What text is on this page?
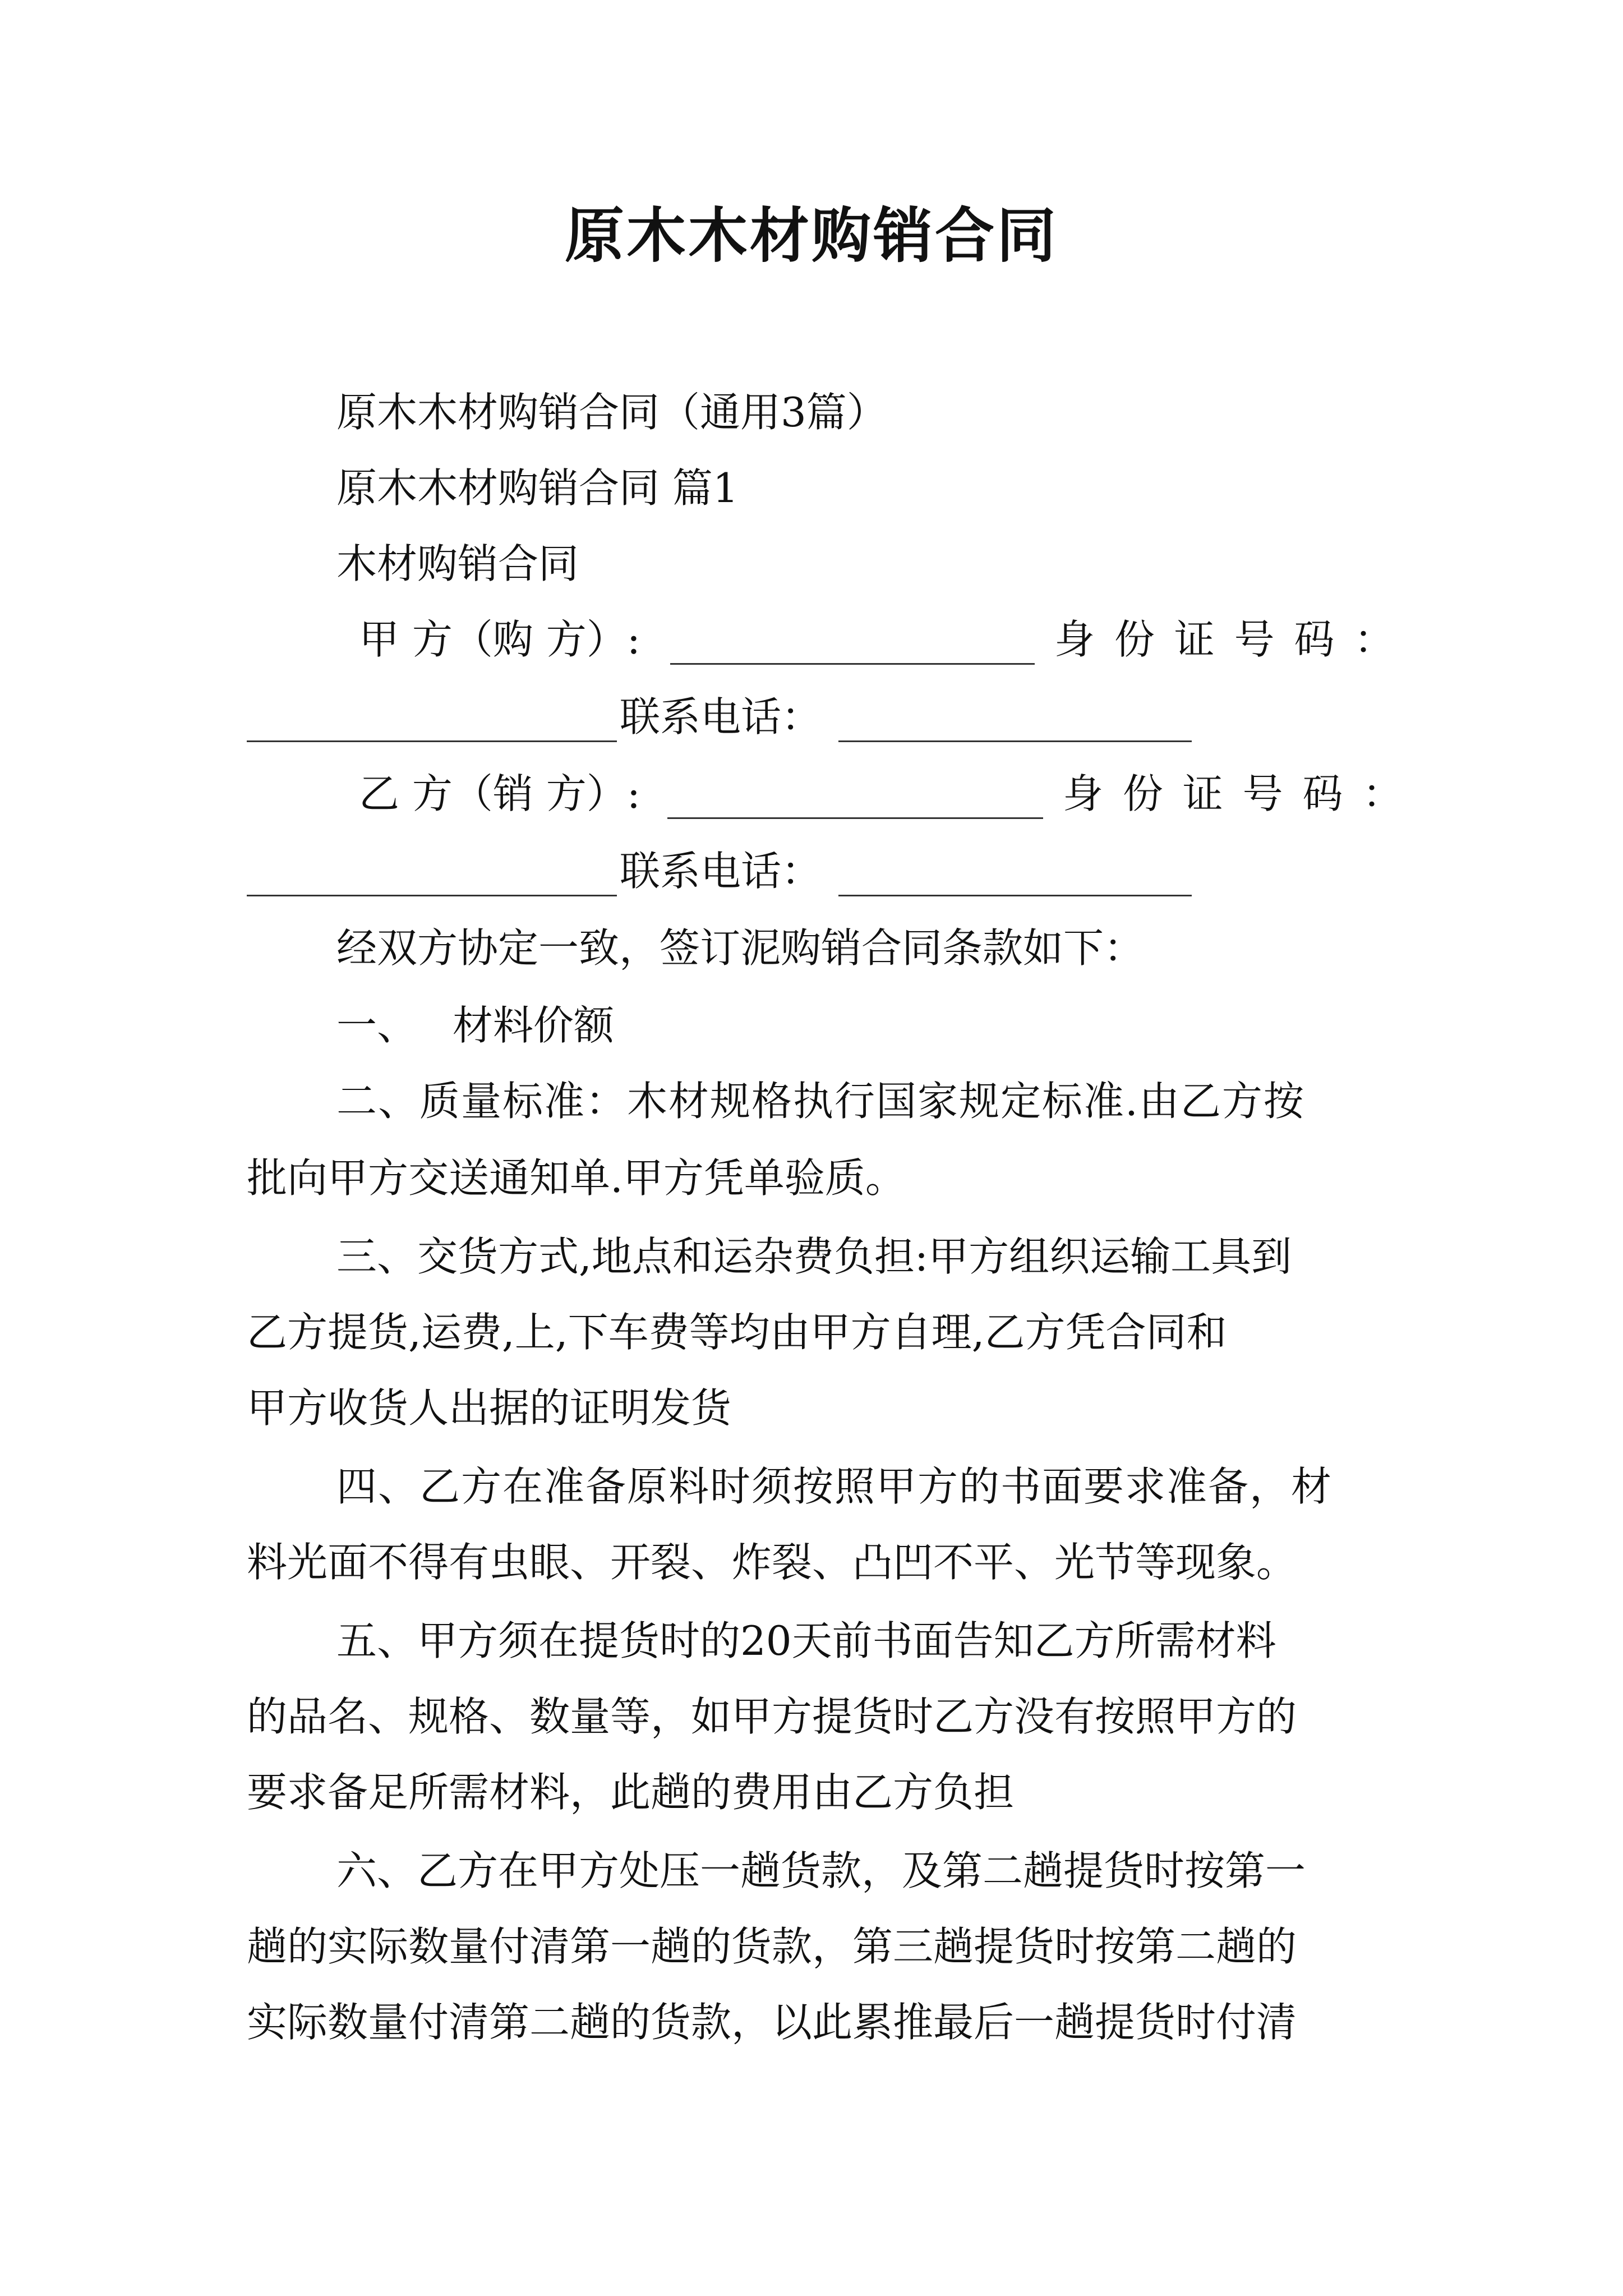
原木木材购销合同
原木木材购销合同（通用3篇）
原木木材购销合同 篇1
木材购销合同
甲 方（购 方）:	身 份 证 号 码 ：
联系电话：
乙 方（销 方）:	身 份 证 号 码 ：
联系电话：
经双方协定一致，签订泥购销合同条款如下：
一、 材料价额
二、质量标准：木材规格执行国家规定标准.由乙方按
批向甲方交送通知单.甲方凭单验质。
三、交货方式,地点和运杂费负担:甲方组织运输工具到
乙方提货,运费,上,下车费等均由甲方自理,乙方凭合同和
甲方收货人出据的证明发货
四、乙方在准备原料时须按照甲方的书面要求准备，材
料光面不得有虫眼、开裂、炸裂、凸凹不平、光节等现象。
五、甲方须在提货时的20天前书面告知乙方所需材料
的品名、规格、数量等，如甲方提货时乙方没有按照甲方的
要求备足所需材料，此趟的费用由乙方负担
六、乙方在甲方处压一趟货款，及第二趟提货时按第一
趟的实际数量付清第一趟的货款，第三趟提货时按第二趟的
实际数量付清第二趟的货款，以此累推最后一趟提货时付清
